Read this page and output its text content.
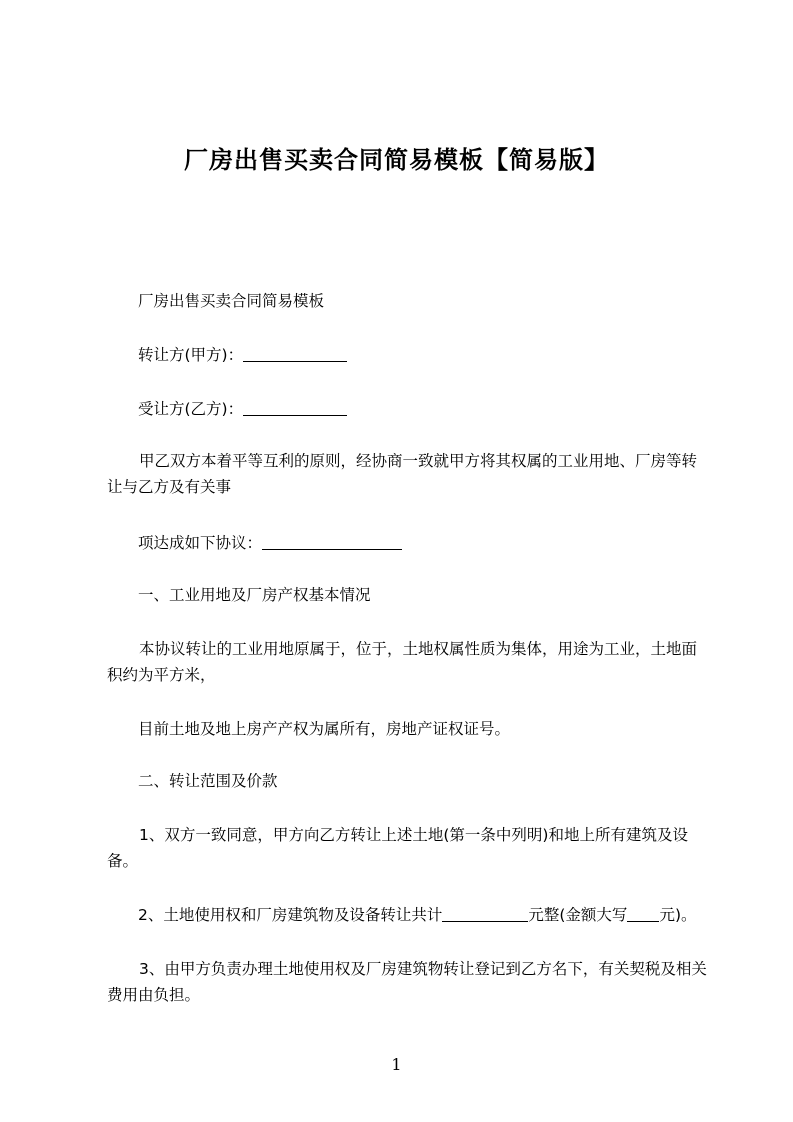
厂房出售买卖合同简易模板【简易版】
厂房出售买卖合同简易模板
转让方(甲方)：
受让方(乙方)：
甲乙双方本着平等互利的原则，经协商一致就甲方将其权属的工业用地、厂房等转让与乙方及有关事
项达成如下协议：
一、工业用地及厂房产权基本情况
本协议转让的工业用地原属于，位于，土地权属性质为集体，用途为工业，土地面积约为平方米，
目前土地及地上房产产权为属所有，房地产证权证号。
二、转让范围及价款
1、双方一致同意，甲方向乙方转让上述土地(第一条中列明)和地上所有建筑及设备。
2、土地使用权和厂房建筑物及设备转让共计	元整(金额大写 元)。
3、由甲方负责办理土地使用权及厂房建筑物转让登记到乙方名下，有关契税及相关费用由负担。
1
